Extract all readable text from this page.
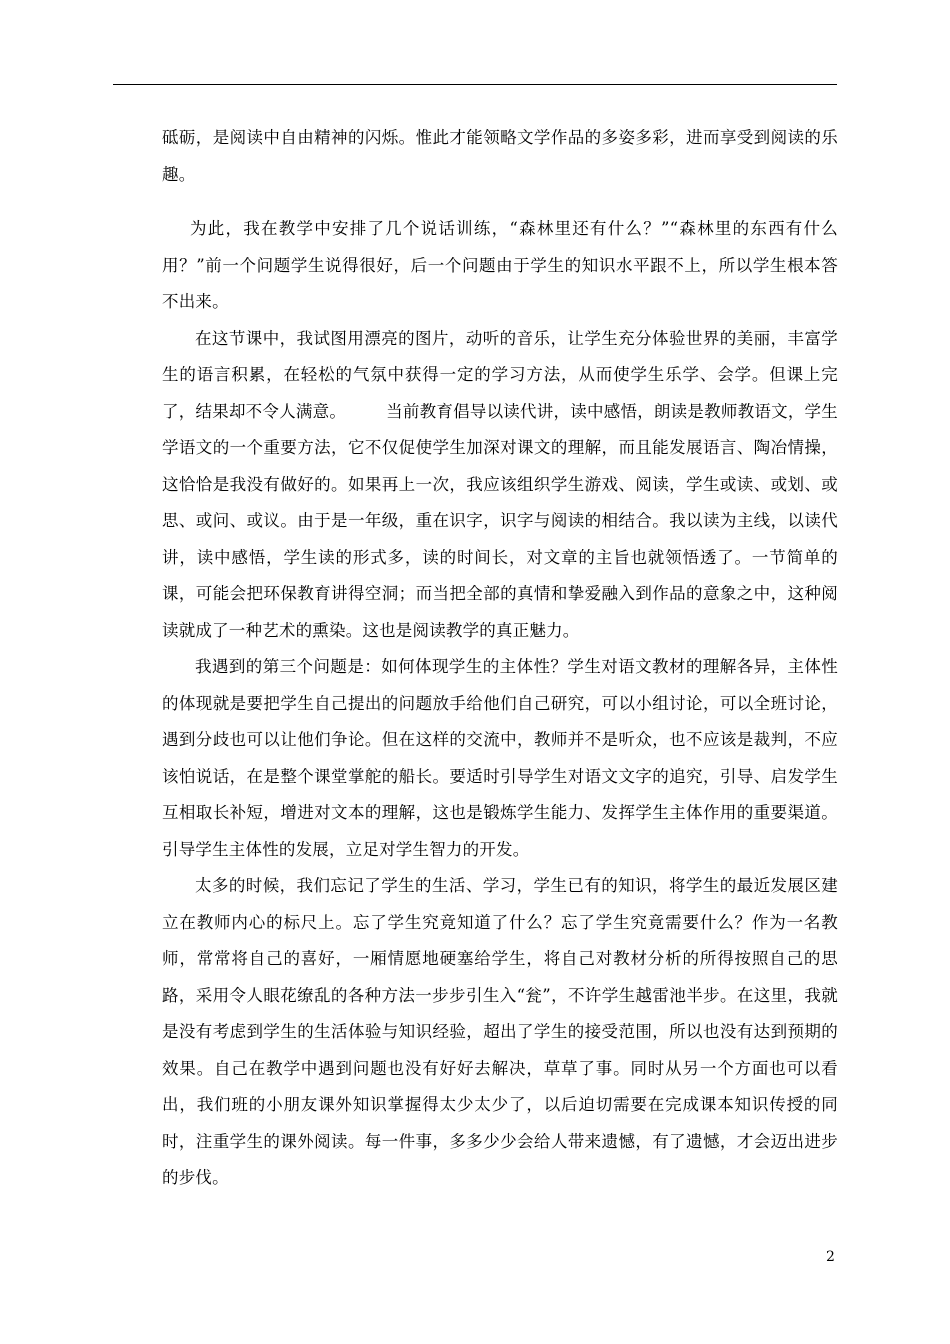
砥砺，是阅读中自由精神的闪烁。惟此才能领略文学作品的多姿多彩，进而享受到阅读的乐趣。

为此，我在教学中安排了几个说话训练，“森林里还有什么？”“森林里的东西有什么用？”前一个问题学生说得很好，后一个问题由于学生的知识水平跟不上，所以学生根本答不出来。

在这节课中，我试图用漂亮的图片，动听的音乐，让学生充分体验世界的美丽，丰富学生的语言积累，在轻松的气氛中获得一定的学习方法，从而使学生乐学、会学。但课上完了，结果却不令人满意。 当前教育倡导以读代讲，读中感悟，朗读是教师教语文，学生学语文的一个重要方法，它不仅促使学生加深对课文的理解，而且能发展语言、陶冶情操，这恰恰是我没有做好的。如果再上一次，我应该组织学生游戏、阅读，学生或读、或划、或思、或问、或议。由于是一年级，重在识字，识字与阅读的相结合。我以读为主线，以读代讲，读中感悟，学生读的形式多，读的时间长，对文章的主旨也就领悟透了。一节简单的课，可能会把环保教育讲得空洞；而当把全部的真情和挚爱融入到作品的意象之中，这种阅读就成了一种艺术的熏染。这也是阅读教学的真正魅力。

我遇到的第三个问题是：如何体现学生的主体性？学生对语文教材的理解各异，主体性的体现就是要把学生自己提出的问题放手给他们自己研究，可以小组讨论，可以全班讨论，遇到分歧也可以让他们争论。但在这样的交流中，教师并不是听众，也不应该是裁判，不应该怕说话，在是整个课堂掌舵的船长。要适时引导学生对语文文字的追究，引导、启发学生互相取长补短，增进对文本的理解，这也是锻炼学生能力、发挥学生主体作用的重要渠道。引导学生主体性的发展，立足对学生智力的开发。

太多的时候，我们忘记了学生的生活、学习，学生已有的知识，将学生的最近发展区建立在教师内心的标尺上。忘了学生究竟知道了什么？忘了学生究竟需要什么？作为一名教师，常常将自己的喜好，一厢情愿地硬塞给学生，将自己对教材分析的所得按照自己的思路，采用令人眼花缭乱的各种方法一步步引生入“瓮”，不许学生越雷池半步。在这里，我就是没有考虑到学生的生活体验与知识经验，超出了学生的接受范围，所以也没有达到预期的效果。自己在教学中遇到问题也没有好好去解决，草草了事。同时从另一个方面也可以看出，我们班的小朋友课外知识掌握得太少太少了，以后迫切需要在完成课本知识传授的同时，注重学生的课外阅读。每一件事，多多少少会给人带来遗憾，有了遗憾，才会迈出进步的步伐。

2
